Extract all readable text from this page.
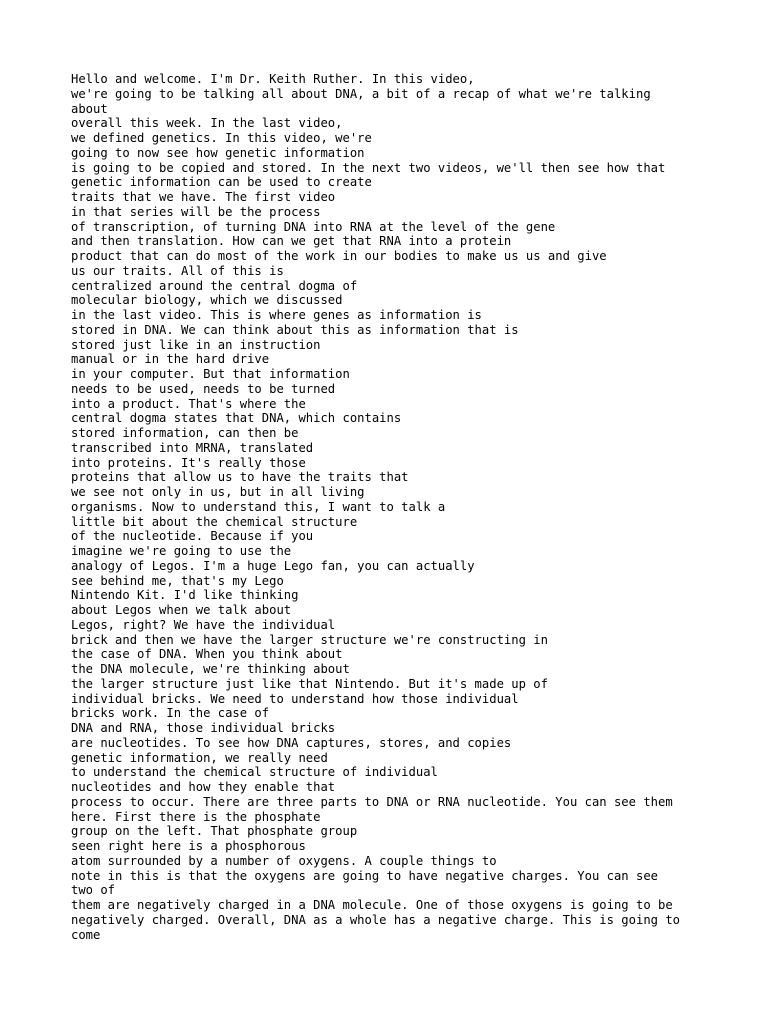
Hello and welcome. I'm Dr. Keith Ruther. In this video,
we're going to be talking all about DNA, a bit of a recap of what we're talking
about
overall this week. In the last video,
we defined genetics. In this video, we're
going to now see how genetic information
is going to be copied and stored. In the next two videos, we'll then see how that
genetic information can be used to create
traits that we have. The first video
in that series will be the process
of transcription, of turning DNA into RNA at the level of the gene
and then translation. How can we get that RNA into a protein
product that can do most of the work in our bodies to make us us and give
us our traits. All of this is
centralized around the central dogma of
molecular biology, which we discussed
in the last video. This is where genes as information is
stored in DNA. We can think about this as information that is
stored just like in an instruction
manual or in the hard drive
in your computer. But that information
needs to be used, needs to be turned
into a product. That's where the
central dogma states that DNA, which contains
stored information, can then be
transcribed into MRNA, translated
into proteins. It's really those
proteins that allow us to have the traits that
we see not only in us, but in all living
organisms. Now to understand this, I want to talk a
little bit about the chemical structure
of the nucleotide. Because if you
imagine we're going to use the
analogy of Legos. I'm a huge Lego fan, you can actually
see behind me, that's my Lego
Nintendo Kit. I'd like thinking
about Legos when we talk about
Legos, right? We have the individual
brick and then we have the larger structure we're constructing in
the case of DNA. When you think about
the DNA molecule, we're thinking about
the larger structure just like that Nintendo. But it's made up of
individual bricks. We need to understand how those individual
bricks work. In the case of
DNA and RNA, those individual bricks
are nucleotides. To see how DNA captures, stores, and copies
genetic information, we really need
to understand the chemical structure of individual
nucleotides and how they enable that
process to occur. There are three parts to DNA or RNA nucleotide. You can see them
here. First there is the phosphate
group on the left. That phosphate group
seen right here is a phosphorous
atom surrounded by a number of oxygens. A couple things to
note in this is that the oxygens are going to have negative charges. You can see
two of
them are negatively charged in a DNA molecule. One of those oxygens is going to be
negatively charged. Overall, DNA as a whole has a negative charge. This is going to
come
